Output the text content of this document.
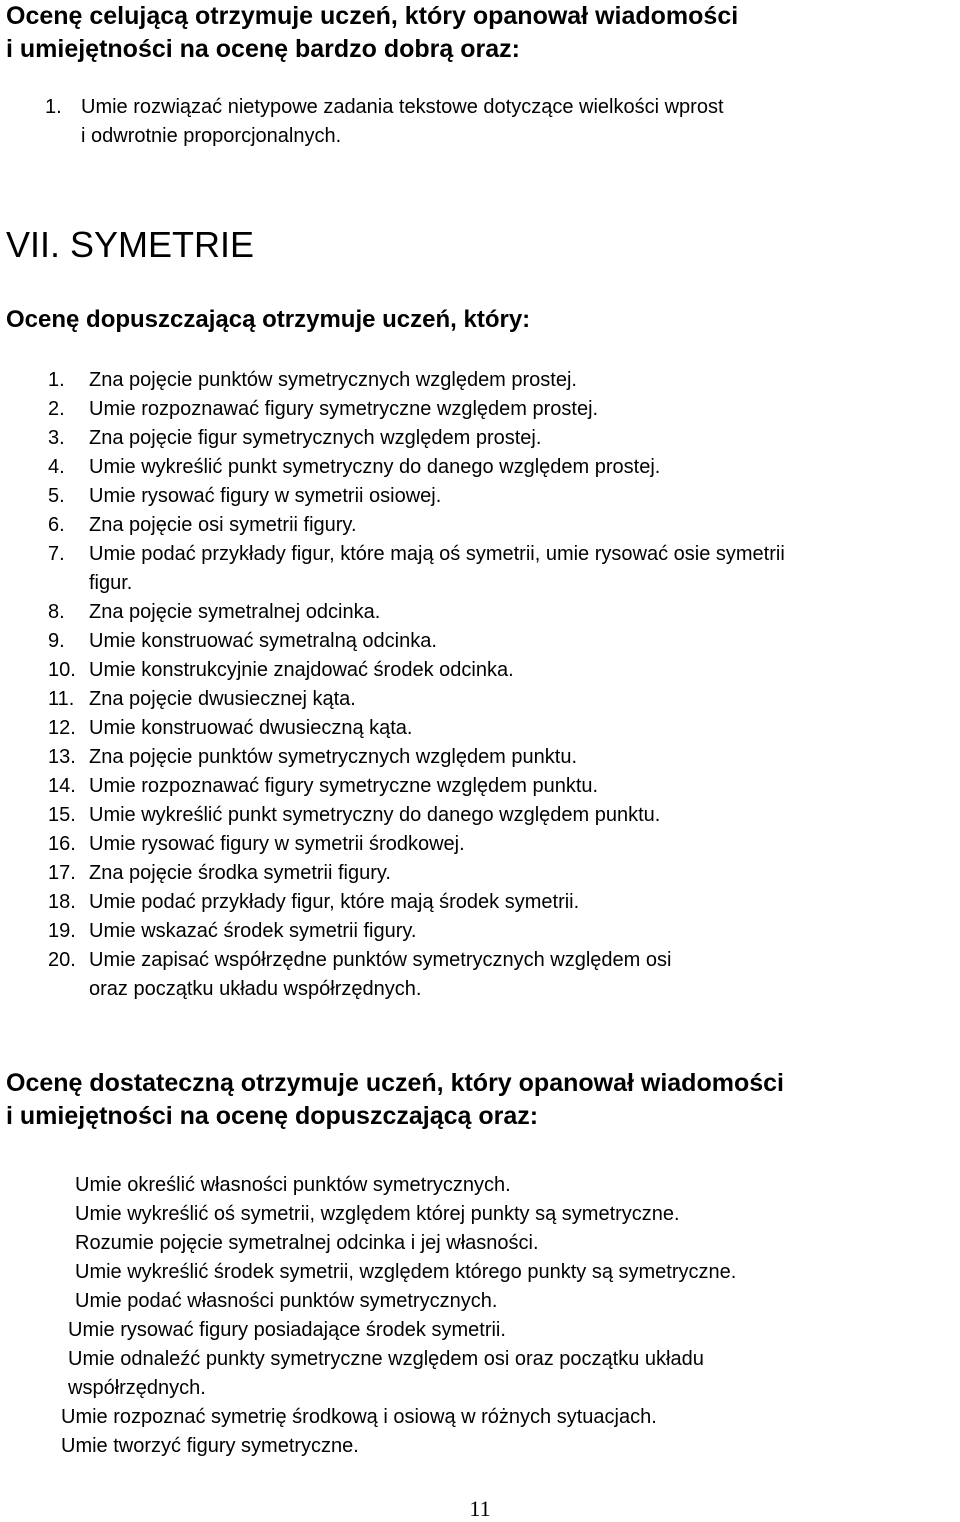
Ocenę celującą otrzymuje uczeń, który opanował wiadomości
i umiejętności na ocenę bardzo dobrą oraz:
1. Umie rozwiązać nietypowe zadania tekstowe dotyczące wielkości wprost
i odwrotnie proporcjonalnych.
VII. SYMETRIE
Ocenę dopuszczającą otrzymuje uczeń, który:
1. Zna pojęcie punktów symetrycznych względem prostej.
2. Umie rozpoznawać figury symetryczne względem prostej.
3. Zna pojęcie figur symetrycznych względem prostej.
4. Umie wykreślić punkt symetryczny do danego względem prostej.
5. Umie rysować figury w symetrii osiowej.
6. Zna pojęcie osi symetrii figury.
7. Umie podać przykłady figur, które mają oś symetrii, umie rysować osie symetrii
figur.
8. Zna pojęcie symetralnej odcinka.
9. Umie konstruować symetralną odcinka.
10. Umie konstrukcyjnie znajdować środek odcinka.
11. Zna pojęcie dwusiecznej kąta.
12. Umie konstruować dwusieczną kąta.
13. Zna pojęcie punktów symetrycznych względem punktu.
14. Umie rozpoznawać figury symetryczne względem punktu.
15. Umie wykreślić punkt symetryczny do danego względem punktu.
16. Umie rysować figury w symetrii środkowej.
17. Zna pojęcie środka symetrii figury.
18. Umie podać przykłady figur, które mają środek symetrii.
19. Umie wskazać środek symetrii figury.
20. Umie zapisać współrzędne punktów symetrycznych względem osi
oraz początku układu współrzędnych.
Ocenę dostateczną otrzymuje uczeń, który opanował wiadomości
i umiejętności na ocenę dopuszczającą oraz:
Umie określić własności punktów symetrycznych.
Umie wykreślić oś symetrii, względem której punkty są symetryczne.
Rozumie pojęcie symetralnej odcinka i jej własności.
Umie wykreślić środek symetrii, względem którego punkty są symetryczne.
Umie podać własności punktów symetrycznych.
Umie rysować figury posiadające środek symetrii.
Umie odnaleźć punkty symetryczne względem osi oraz początku układu
współrzędnych.
Umie rozpoznać symetrię środkową i osiową w różnych sytuacjach.
Umie tworzyć figury symetryczne.
11
